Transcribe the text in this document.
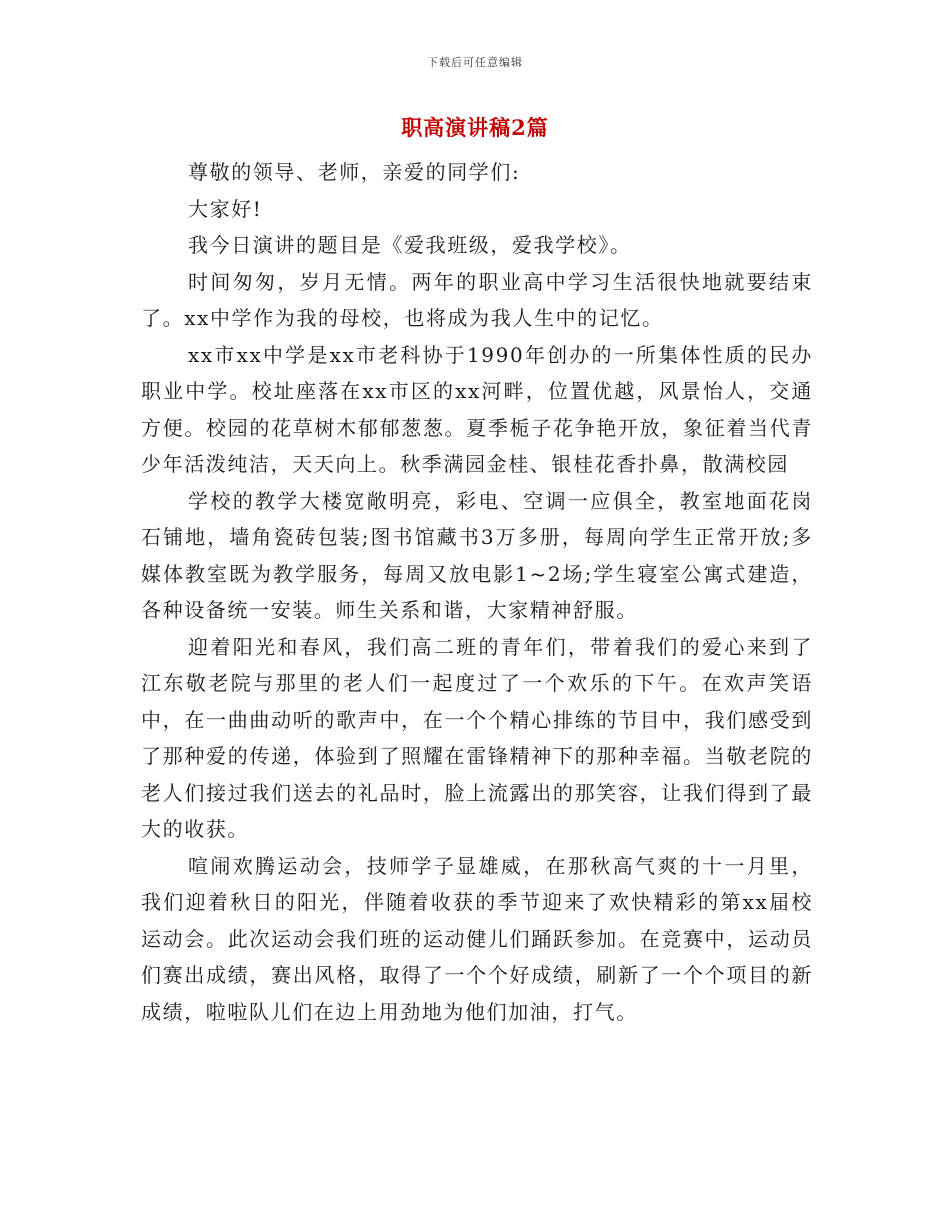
下载后可任意编辑
职高演讲稿2篇

尊敬的领导、老师，亲爱的同学们:

大家好!

我今日演讲的题目是《爱我班级，爱我学校》。

时间匆匆，岁月无情。两年的职业高中学习生活很快地就要结束了。xx中学作为我的母校，也将成为我人生中的记忆。

xx市xx中学是xx市老科协于1990年创办的一所集体性质的民办职业中学。校址座落在xx市区的xx河畔，位置优越，风景怡人，交通方便。校园的花草树木郁郁葱葱。夏季栀子花争艳开放，象征着当代青少年活泼纯洁，天天向上。秋季满园金桂、银桂花香扑鼻，散满校园

学校的教学大楼宽敞明亮，彩电、空调一应俱全，教室地面花岗石铺地，墙角瓷砖包装;图书馆藏书3万多册，每周向学生正常开放;多媒体教室既为教学服务，每周又放电影1~2场;学生寝室公寓式建造，各种设备统一安装。师生关系和谐，大家精神舒服。

迎着阳光和春风，我们高二班的青年们，带着我们的爱心来到了江东敬老院与那里的老人们一起度过了一个欢乐的下午。在欢声笑语中，在一曲曲动听的歌声中，在一个个精心排练的节目中，我们感受到了那种爱的传递，体验到了照耀在雷锋精神下的那种幸福。当敬老院的老人们接过我们送去的礼品时，脸上流露出的那笑容，让我们得到了最大的收获。

喧闹欢腾运动会，技师学子显雄威，在那秋高气爽的十一月里，我们迎着秋日的阳光，伴随着收获的季节迎来了欢快精彩的第xx届校运动会。此次运动会我们班的运动健儿们踊跃参加。在竞赛中，运动员们赛出成绩，赛出风格，取得了一个个好成绩，刷新了一个个项目的新成绩，啦啦队儿们在边上用劲地为他们加油，打气。
